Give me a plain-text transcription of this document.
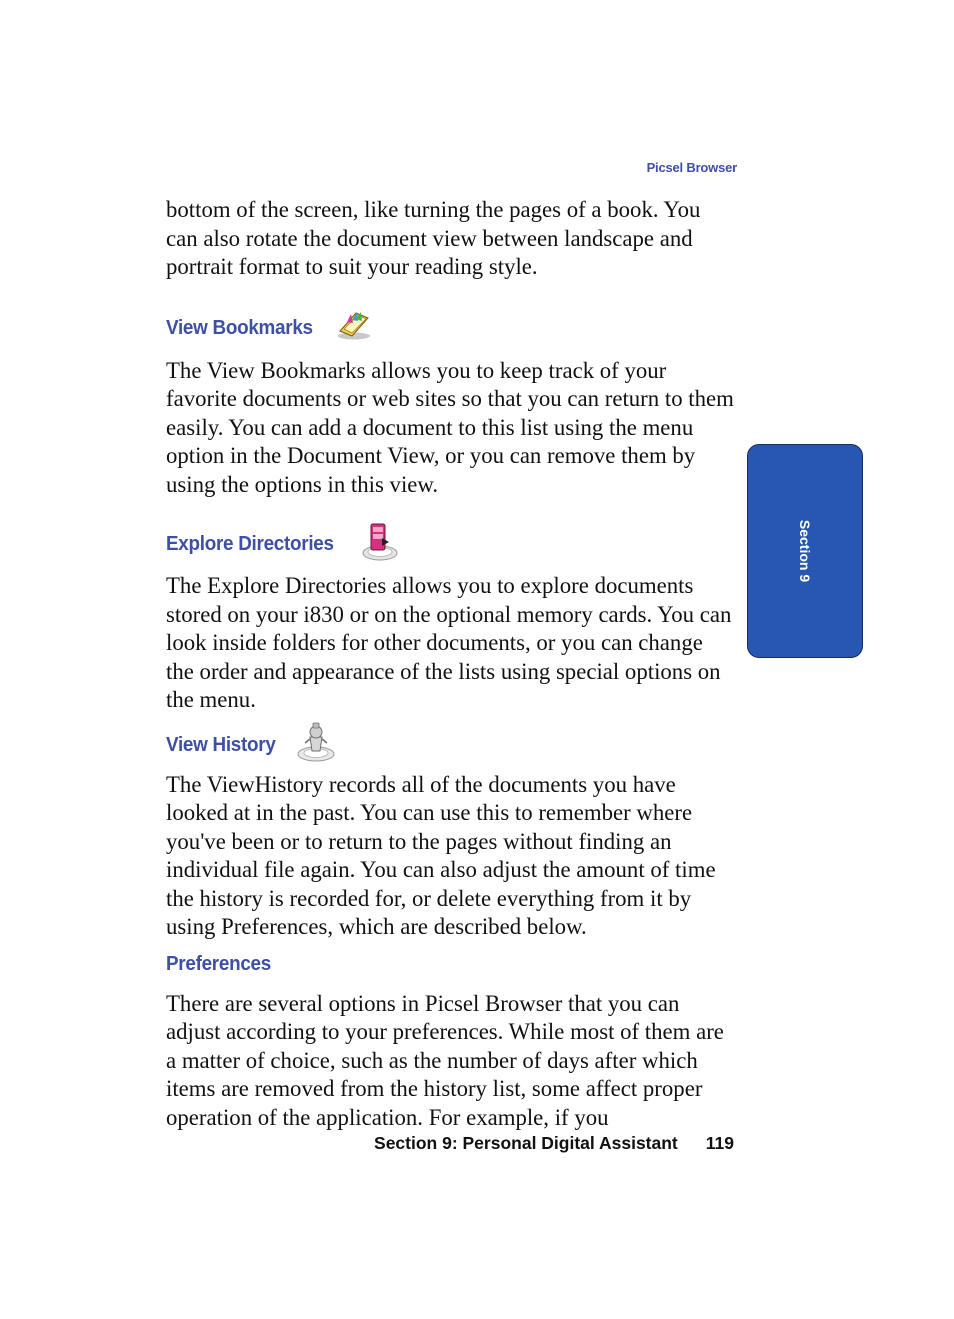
Picsel Browser

bottom of the screen, like turning the pages of a book. You can also rotate the document view between landscape and portrait format to suit your reading style.

View Bookmarks

The View Bookmarks allows you to keep track of your favorite documents or web sites so that you can return to them easily. You can add a document to this list using the menu option in the Document View, or you can remove them by using the options in this view.

Explore Directories

The Explore Directories allows you to explore documents stored on your i830 or on the optional memory cards. You can look inside folders for other documents, or you can change the order and appearance of the lists using special options on the menu.

View History

The ViewHistory records all of the documents you have looked at in the past. You can use this to remember where you've been or to return to the pages without finding an individual file again. You can also adjust the amount of time the history is recorded for, or delete everything from it by using Preferences, which are described below.

Preferences

There are several options in Picsel Browser that you can adjust according to your preferences. While most of them are a matter of choice, such as the number of days after which items are removed from the history list, some affect proper operation of the application. For example, if you

Section 9
Section 9: Personal Digital Assistant 119
